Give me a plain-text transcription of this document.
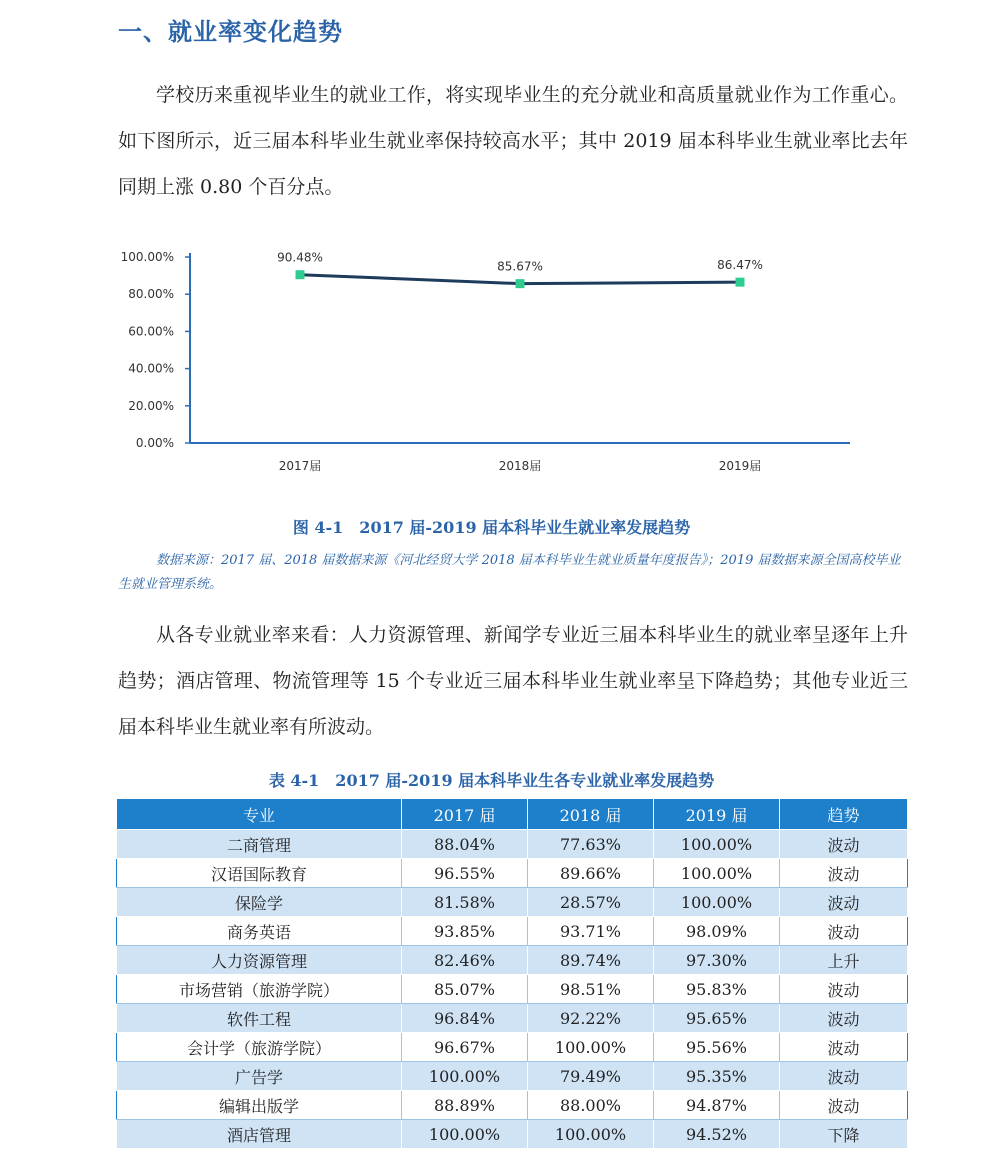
一、就业率变化趋势

学校历来重视毕业生的就业工作，将实现毕业生的充分就业和高质量就业作为工作重心。如下图所示，近三届本科毕业生就业率保持较高水平；其中 2019 届本科毕业生就业率比去年同期上涨 0.80 个百分点。

0.00%
20.00%
40.00%
60.00%
80.00%
100.00%
2017届	2018届	2019届
90.48%
85.67%	86.47%
图 4-1　2017 届-2019 届本科毕业生就业率发展趋势

数据来源：2017 届、2018 届数据来源《河北经贸大学 2018 届本科毕业生就业质量年度报告》；2019 届数据来源全国高校毕业生就业管理系统。

从各专业就业率来看：人力资源管理、新闻学专业近三届本科毕业生的就业率呈逐年上升趋势；酒店管理、物流管理等 15 个专业近三届本科毕业生就业率呈下降趋势；其他专业近三届本科毕业生就业率有所波动。

表 4-1　2017 届-2019 届本科毕业生各专业就业率发展趋势
专业	2017 届	2018 届	2019 届	趋势
二商管理	88.04%	77.63%	100.00%	波动
汉语国际教育	96.55%	89.66%	100.00%	波动
保险学	81.58%	28.57%	100.00%	波动
商务英语	93.85%	93.71%	98.09%	波动
人力资源管理	82.46%	89.74%	97.30%	上升
市场营销（旅游学院）	85.07%	98.51%	95.83%	波动
软件工程	96.84%	92.22%	95.65%	波动
会计学（旅游学院）	96.67%	100.00%	95.56%	波动
广告学	100.00%	79.49%	95.35%	波动
编辑出版学	88.89%	88.00%	94.87%	波动
酒店管理	100.00%	100.00%	94.52%	下降
